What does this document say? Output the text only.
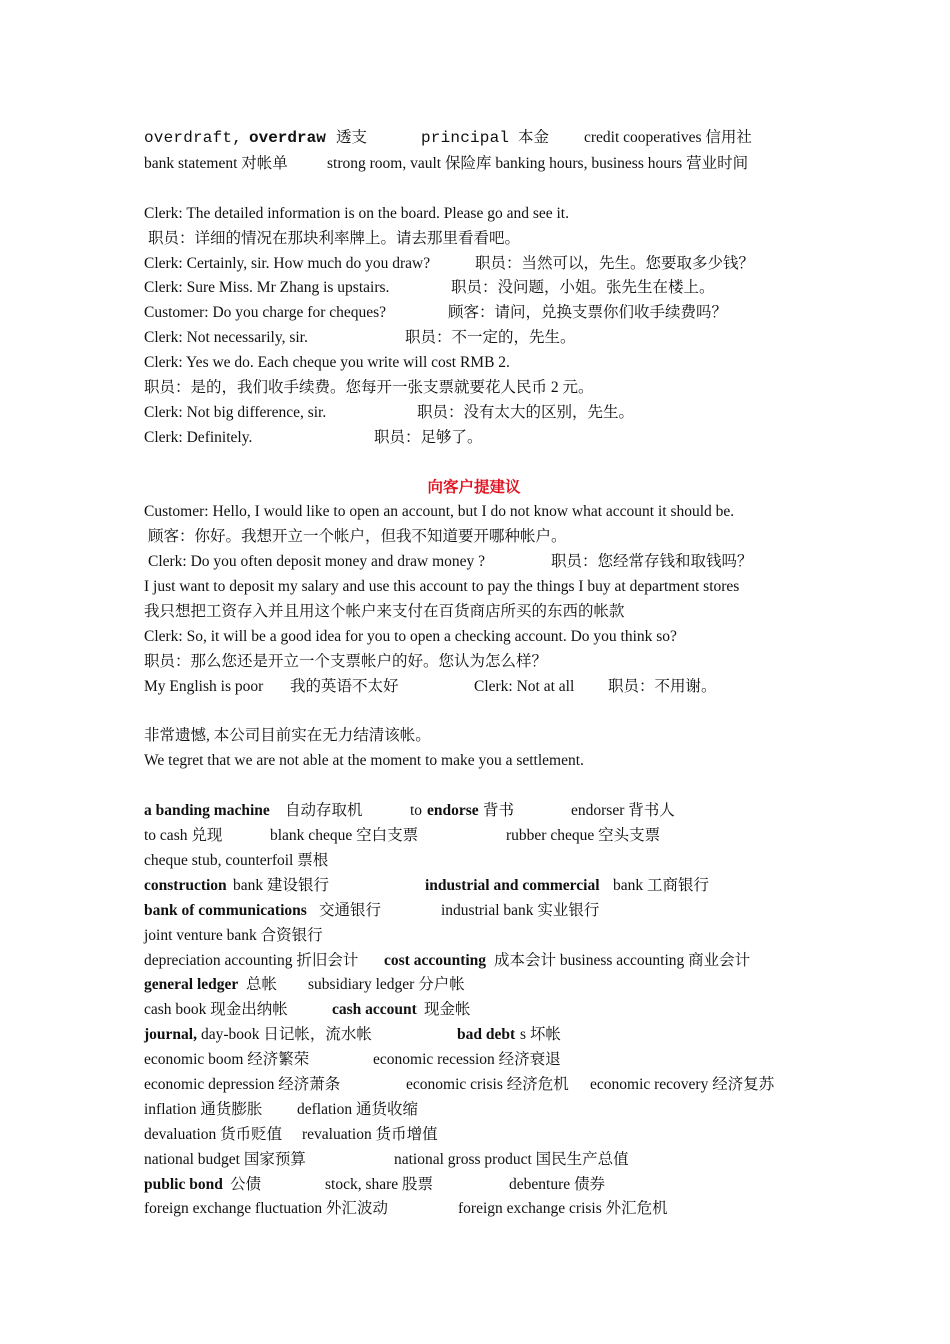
overdraft, overdraw 透支	principal 本金 credit cooperatives 信用社
bank statement 对帐单	strong room, vault 保险库 banking hours, business hours 营业时间
Clerk: The detailed information is on the board. Please go and see it.
职员：详细的情况在那块利率牌上。请去那里看看吧。
Clerk: Certainly, sir. How much do you draw?	职员：当然可以，先生。您要取多少钱？
Clerk: Sure Miss. Mr Zhang is upstairs.	职员：没问题，小姐。张先生在楼上。
Customer: Do you charge for cheques?	顾客：请问，兑换支票你们收手续费吗？
Clerk: Not necessarily, sir.	职员：不一定的，先生。
Clerk: Yes we do. Each cheque you write will cost RMB 2.
职员：是的，我们收手续费。您每开一张支票就要花人民币 2 元。
Clerk: Not big difference, sir.	职员：没有太大的区别，先生。
Clerk: Definitely.	职员：足够了。
向客户提建议
Customer: Hello, I would like to open an account, but I do not know what account it should be.
顾客：你好。我想开立一个帐户，但我不知道要开哪种帐户。
Clerk: Do you often deposit money and draw money ?	职员：您经常存钱和取钱吗？
I just want to deposit my salary and use this account to pay the things I buy at department stores
我只想把工资存入并且用这个帐户来支付在百货商店所买的东西的帐款
Clerk: So, it will be a good idea for you to open a checking account. Do you think so?
职员：那么您还是开立一个支票帐户的好。您认为怎么样？
My English is poor 我的英语不太好	Clerk: Not at all 职员：不用谢。
非常遗憾, 本公司目前实在无力结清该帐。
We tegret that we are not able at the moment to make you a settlement.
a banding machine 自动存取机	to endorse 背书	endorser 背书人
to cash 兑现	blank cheque 空白支票	rubber cheque 空头支票
cheque stub, counterfoil 票根
construction bank 建设银行	industrial and commercial bank 工商银行
bank of communications 交通银行	industrial bank 实业银行
joint venture bank 合资银行
depreciation accounting 折旧会计 cost accounting 成本会计 business accounting 商业会计
general ledger 总帐 subsidiary ledger 分户帐
cash book 现金出纳帐	cash account 现金帐
journal, day-book 日记帐，流水帐	bad debt s 坏帐
economic boom 经济繁荣	economic recession 经济衰退
economic depression 经济萧条	economic crisis 经济危机 economic recovery 经济复苏
inflation 通货膨胀 deflation 通货收缩
devaluation 货币贬值 revaluation 货币增值
national budget 国家预算	national gross product 国民生产总值
public bond 公债	stock, share 股票	debenture 债券
foreign exchange fluctuation 外汇波动	foreign exchange crisis 外汇危机
